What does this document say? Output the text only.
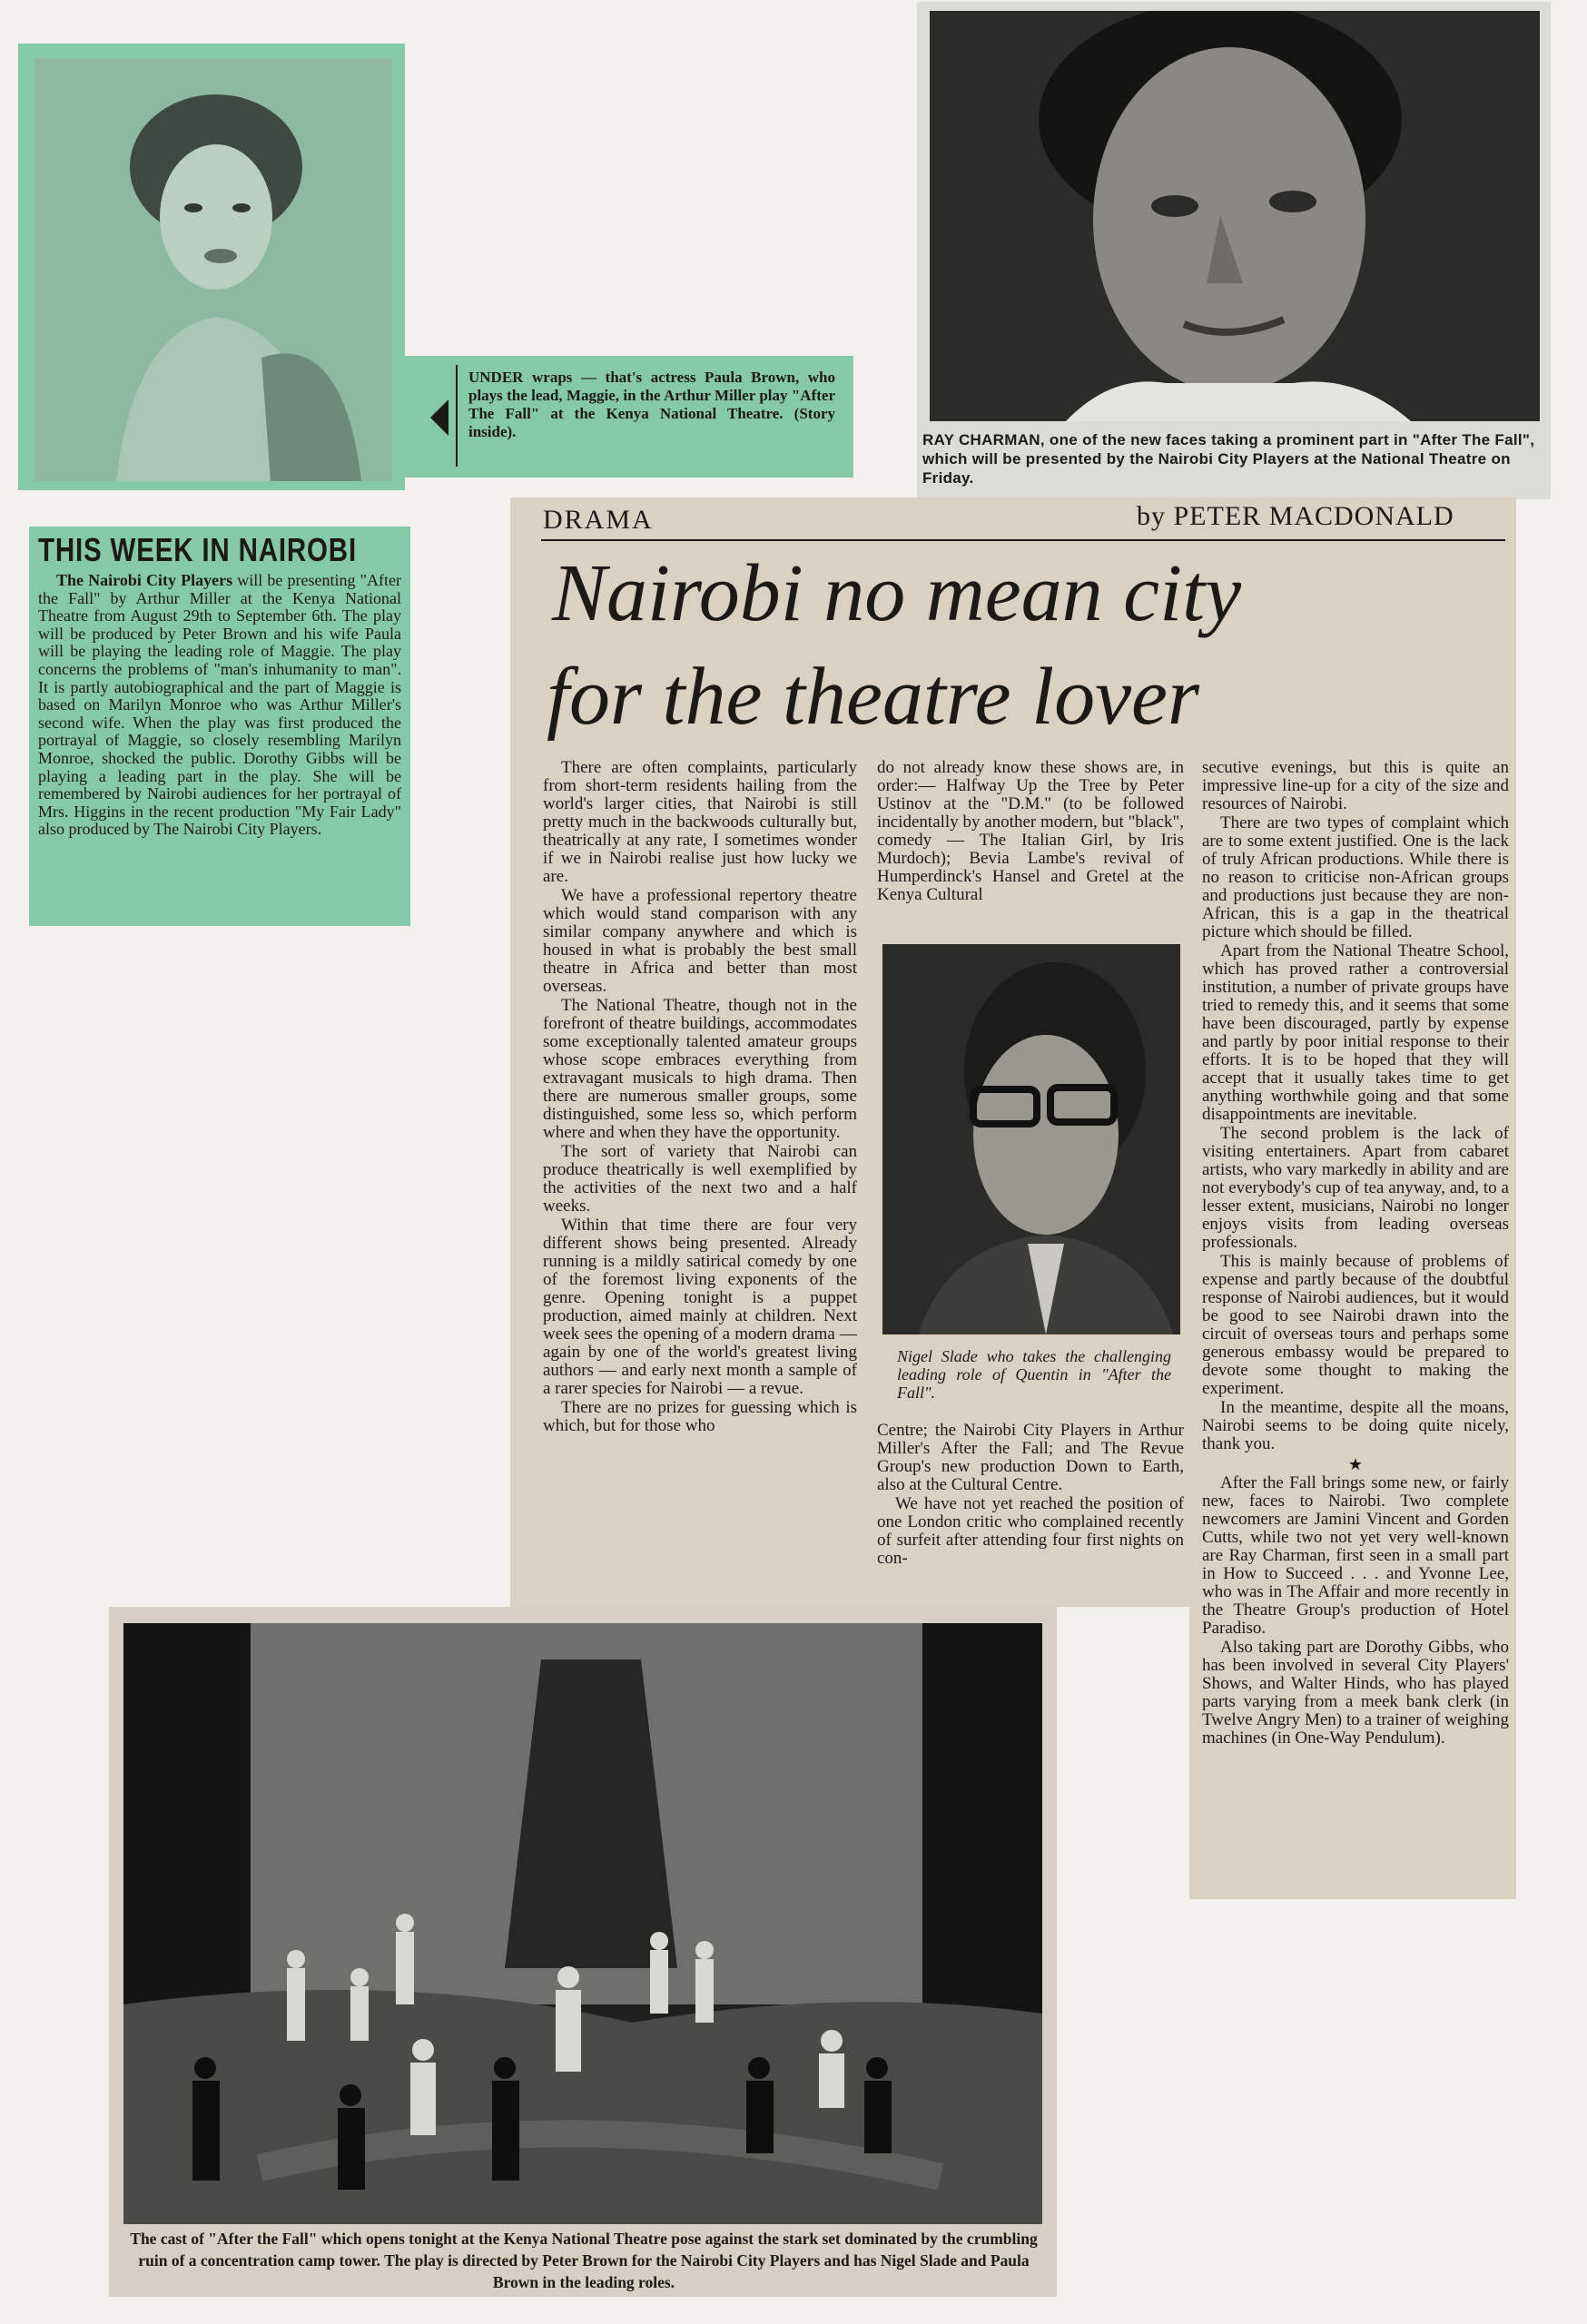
UNDER wraps — that's actress Paula Brown, who plays the lead, Maggie, in the Arthur Miller play "After The Fall" at the Kenya National Theatre. (Story inside).	RAY CHARMAN, one of the new faces taking a prominent part in "After The Fall", which will be presented by the Nairobi City Players at the National Theatre on Friday.

THIS WEEK IN NAIROBI

The Nairobi City Players will be presenting "After the Fall" by Arthur Miller at the Kenya National Theatre from August 29th to September 6th. The play will be produced by Peter Brown and his wife Paula will be playing the leading role of Maggie. The play concerns the problems of "man's inhumanity to man". It is partly autobiographical and the part of Maggie is based on Marilyn Monroe who was Arthur Miller's second wife. When the play was first produced the portrayal of Maggie, so closely resembling Marilyn Monroe, shocked the public. Dorothy Gibbs will be playing a leading part in the play. She will be remembered by Nairobi audiences for her portrayal of Mrs. Higgins in the recent production "My Fair Lady" also produced by The Nairobi City Players.

DRAMA	by PETER MACDONALD
Nairobi no mean city
for the theatre lover

There are often complaints, particularly from short-term residents hailing from the world's larger cities, that Nairobi is still pretty much in the backwoods culturally but, theatrically at any rate, I sometimes wonder if we in Nairobi realise just how lucky we are.

We have a professional repertory theatre which would stand comparison with any similar company anywhere and which is housed in what is probably the best small theatre in Africa and better than most overseas.

The National Theatre, though not in the forefront of theatre buildings, accommodates some exceptionally talented amateur groups whose scope embraces everything from extravagant musicals to high drama. Then there are numerous smaller groups, some distinguished, some less so, which perform where and when they have the opportunity.

The sort of variety that Nairobi can produce theatrically is well exemplified by the activities of the next two and a half weeks.

Within that time there are four very different shows being presented. Already running is a mildly satirical comedy by one of the foremost living exponents of the genre. Opening tonight is a puppet production, aimed mainly at children. Next week sees the opening of a modern drama — again by one of the world's greatest living authors — and early next month a sample of a rarer species for Nairobi — a revue.

There are no prizes for guessing which is which, but for those who

do not already know these shows are, in order:— Halfway Up the Tree by Peter Ustinov at the "D.M." (to be followed incidentally by another modern, but "black", comedy — The Italian Girl, by Iris Murdoch); Bevia Lambe's revival of Humperdinck's Hansel and Gretel at the Kenya Cultural

Nigel Slade who takes the challenging leading role of Quentin in "After the Fall".

Centre; the Nairobi City Players in Arthur Miller's After the Fall; and The Revue Group's new production Down to Earth, also at the Cultural Centre.

We have not yet reached the position of one London critic who complained recently of surfeit after attending four first nights on con-

secutive evenings, but this is quite an impressive line-up for a city of the size and resources of Nairobi.

There are two types of complaint which are to some extent justified. One is the lack of truly African productions. While there is no reason to criticise non-African groups and productions just because they are non-African, this is a gap in the theatrical picture which should be filled.

Apart from the National Theatre School, which has proved rather a controversial institution, a number of private groups have tried to remedy this, and it seems that some have been discouraged, partly by expense and partly by poor initial response to their efforts. It is to be hoped that they will accept that it usually takes time to get anything worthwhile going and that some disappointments are inevitable.

The second problem is the lack of visiting entertainers. Apart from cabaret artists, who vary markedly in ability and are not everybody's cup of tea anyway, and, to a lesser extent, musicians, Nairobi no longer enjoys visits from leading overseas professionals.

This is mainly because of problems of expense and partly because of the doubtful response of Nairobi audiences, but it would be good to see Nairobi drawn into the circuit of overseas tours and perhaps some generous embassy would be prepared to devote some thought to making the experiment.

In the meantime, despite all the moans, Nairobi seems to be doing quite nicely, thank you.

★

After the Fall brings some new, or fairly new, faces to Nairobi. Two complete newcomers are Jamini Vincent and Gorden Cutts, while two not yet very well-known are Ray Charman, first seen in a small part in How to Succeed . . . and Yvonne Lee, who was in The Affair and more recently in the Theatre Group's production of Hotel Paradiso.

Also taking part are Dorothy Gibbs, who has been involved in several City Players' Shows, and Walter Hinds, who has played parts varying from a meek bank clerk (in Twelve Angry Men) to a trainer of weighing machines (in One-Way Pendulum).

The cast of "After the Fall" which opens tonight at the Kenya National Theatre pose against the stark set dominated by the crumbling ruin of a concentration camp tower. The play is directed by Peter Brown for the Nairobi City Players and has Nigel Slade and Paula Brown in the leading roles.
